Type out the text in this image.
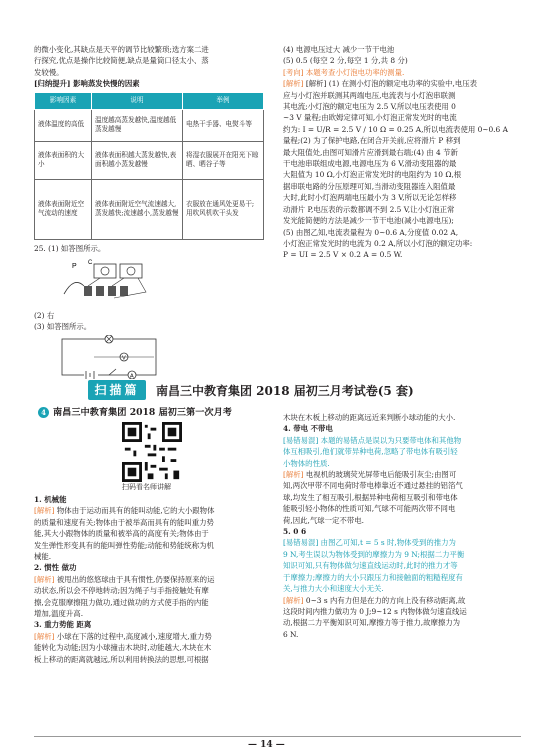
的微小变化,其缺点是天平的调节比较繁琐;选方案二进

行探究,优点是操作比较简便,缺点是量筒口径太小、蒸

发较慢。

[归纳提升] 影响蒸发快慢的因素

影响因素	说明	举例
液体温度的高低	温度越高蒸发越快,温度越低蒸发越慢	电热干手器、电熨斗等
液体表面积的大小	液体表面积越大蒸发越快,表面积越小蒸发越慢	将湿衣服展开在阳光下晾晒、晒谷子等
液体表面附近空气流动的速度	液体表面附近空气流速越大,蒸发越快;流速越小,蒸发越慢	衣服放在通风处更易干;用吹风机吹干头发

25. (1) 如答图所示。

P C

(2) 右

(3) 如答图所示。

V
A

(4) 电源电压过大 减少一节干电池

(5) 0.5 (每空 2 分,每空 1 分,共 8 分)

[考向] 本题考查小灯泡电功率的测量.

[解析] [解析] (1) 在测小灯泡的额定电功率的实验中,电压表

应与小灯泡并联测其两端电压,电流表与小灯泡串联测

其电流;小灯泡的额定电压为 2.5 V,所以电压表使用 0

~3 V 量程;由欧姆定律可知,小灯泡正常发光时的电流

约为: I = U/R = 2.5 V / 10 Ω = 0.25 A,所以电流表使用 0~0.6 A

量程;(2) 为了保护电路,在闭合开关前,应将滑片 P 移到

最大阻值处,由图可知滑片应滑到最右端;(4) 由 4 节新

干电池串联组成电源,电源电压为 6 V,滑动变阻器的最

大阻值为 10 Ω,小灯泡正常发光时的电阻约为 10 Ω,根

据串联电路的分压原理可知,当滑动变阻器连入阻值最

大时,此时小灯泡两端电压最小为 3 V,所以无论怎样移

动滑片 P,电压表的示数都调不到 2.5 V,让小灯泡正常

发光能简便的方法是减少一节干电池(减小电源电压);

(5) 由图乙知,电流表量程为 0~0.6 A,分度值 0.02 A,

小灯泡正常发光时的电流为 0.2 A,所以小灯泡的额定功率:

P = UI = 2.5 V × 0.2 A = 0.5 W.

扫描篇	南昌三中教育集团 2018 届初三月考试卷(5 套)
4 南昌三中教育集团 2018 届初三第一次月考
扫码看名师讲解

1. 机械能

[解析] 物体由于运动而具有的能叫动能,它的大小跟物体

的质量和速度有关;物体由于被举高而具有的能叫重力势

能,其大小跟物体的质量和被举高的高度有关;物体由于

发生弹性形变具有的能叫弹性势能;动能和势能统称为机

械能.

2. 惯性 做功

[解析] 被甩出的悠悠球由于具有惯性,仍要保持原来的运

动状态,所以会不停地转动;因为绳子与手指接触处有摩

擦,会克服摩擦阻力做功,通过做功的方式使手指的内能

增加,温度升高.

3. 重力势能 距离

[解析] 小球在下落的过程中,高度减小,速度增大,重力势

能转化为动能;因为小球撞击木块时,动能越大,木块在木

板上移动的距离就越远,所以利用转换法的思想,可根据

木块在木板上移动的距离远近来判断小球动能的大小.

4. 带电 不带电

[易错易混] 本题的易错点是误以为只要带电体和其他物

体互相吸引,他们就带异种电荷,忽略了带电体有吸引轻

小物体的性质.

[解析] 电视机的玻璃荧光屏带电后能吸引灰尘;由图可

知,两次甲带不同电荷时带电棒靠近不通过悬挂的铝箔气

球,均发生了相互吸引,根据异种电荷相互吸引和带电体

能吸引轻小物体的性质可知,气球不可能两次带不同电

荷,因此,气球一定不带电.

5. 0 6

[易错易混] 由图乙可知,t = 5 s 时,物体受到的推力为

9 N,考生误以为物体受到的摩擦力为 9 N;根据二力平衡

知识可知,只有物体做匀速直线运动时,此时的推力才等

于摩擦力;摩擦力的大小只跟压力和接触面的粗糙程度有

关,与推力大小和速度大小无关.

[解析] 0~3 s 内有力但是在力的方向上没有移动距离,故

这段时间内推力做功为 0 J;9~12 s 内物体做匀速直线运

动,根据二力平衡知识可知,摩擦力等于推力,故摩擦力为

6 N.

— 14 —
